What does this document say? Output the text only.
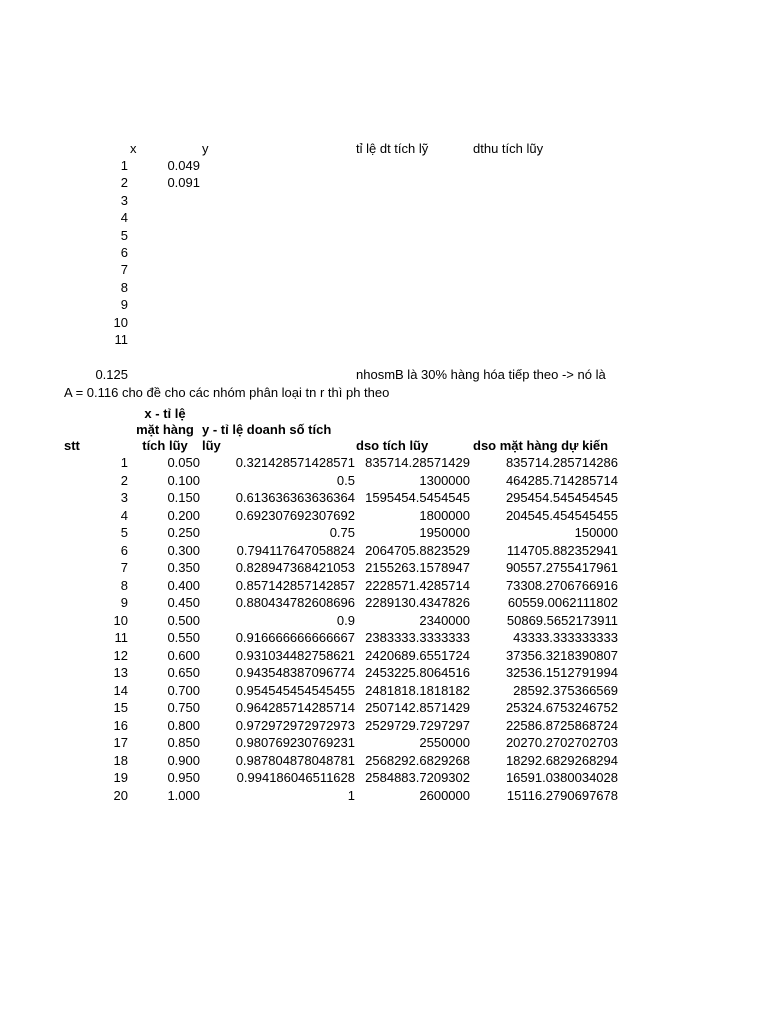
x	y	tỉ lệ dt tích lỹ	dthu tích lũy
1	0.049
2	0.091
3
4
5
6
7
8
9
10
11
0.125	nhosmB là 30% hàng hóa tiếp theo -> nó là
A = 0.116 cho đề cho các nhóm phân loại tn r thì ph theo
stt
x - tỉ lệ
mặt hàng
tích lũy
y - tỉ lệ doanh số tích
lũy	dso tích lũy	dso mặt hàng dự kiến
1	0.050	0.321428571428571 835714.28571429	835714.285714286
2	0.100	0.5	1300000	464285.714285714
3	0.150	0.613636363636364 1595454.5454545	295454.545454545
4	0.200	0.692307692307692	1800000	204545.454545455
5	0.250	0.75	1950000	150000
6	0.300	0.794117647058824 2064705.8823529	114705.882352941
7	0.350	0.828947368421053 2155263.1578947	90557.2755417961
8	0.400	0.857142857142857 2228571.4285714	73308.2706766916
9	0.450	0.880434782608696 2289130.4347826	60559.0062111802
10	0.500	0.9	2340000	50869.5652173911
11	0.550	0.916666666666667 2383333.3333333	43333.333333333
12	0.600	0.931034482758621 2420689.6551724	37356.3218390807
13	0.650	0.943548387096774 2453225.8064516	32536.1512791994
14	0.700	0.954545454545455 2481818.1818182	28592.375366569
15	0.750	0.964285714285714 2507142.8571429	25324.6753246752
16	0.800	0.972972972972973 2529729.7297297	22586.8725868724
17	0.850	0.980769230769231	2550000	20270.2702702703
18	0.900	0.987804878048781 2568292.6829268	18292.6829268294
19	0.950	0.994186046511628 2584883.7209302	16591.0380034028
20	1.000	1	2600000	15116.2790697678
